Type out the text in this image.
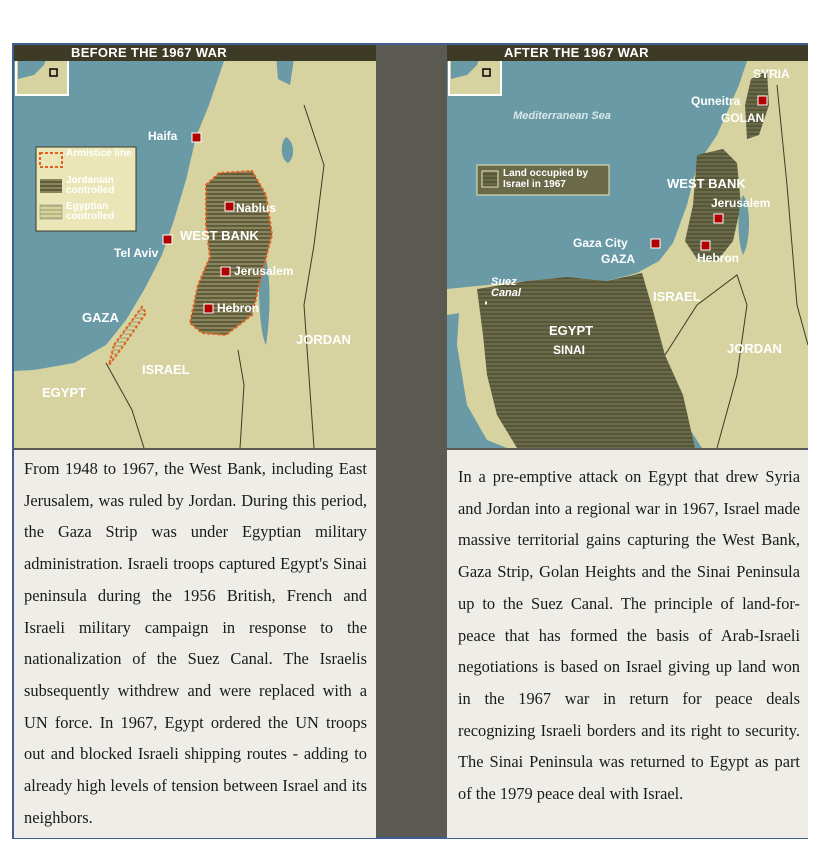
BEFORE THE 1967 WAR
Armistice line
Jordanian controlled
Egyptian controlled
Haifa
Nablus
WEST BANK
Tel Aviv
Jerusalem
Hebron
GAZA
JORDAN
ISRAEL
EGYPT
From 1948 to 1967, the West Bank, including East Jerusalem, was ruled by Jordan. During this period, the Gaza Strip was under Egyptian military administration. Israeli troops captured Egypt's Sinai peninsula during the 1956 British, French and Israeli military campaign in response to the nationalization of the Suez Canal. The Israelis subsequently withdrew and were replaced with a UN force. In 1967, Egypt ordered the UN troops out and blocked Israeli shipping routes - adding to already high levels of tension between Israel and its neighbors.
AFTER THE 1967 WAR
Mediterranean Sea
Land occupied by Israel in 1967
SYRIA
Quneitra
GOLAN
WEST BANK
Jerusalem
Gaza City
GAZA	Hebron
Suez Canal	ISRAEL
EGYPT
SINAI	JORDAN
In a pre-emptive attack on Egypt that drew Syria and Jordan into a regional war in 1967, Israel made massive territorial gains capturing the West Bank, Gaza Strip, Golan Heights and the Sinai Peninsula up to the Suez Canal. The principle of land-for-peace that has formed the basis of Arab-Israeli negotiations is based on Israel giving up land won in the 1967 war in return for peace deals recognizing Israeli borders and its right to security. The Sinai Peninsula was returned to Egypt as part of the 1979 peace deal with Israel.
